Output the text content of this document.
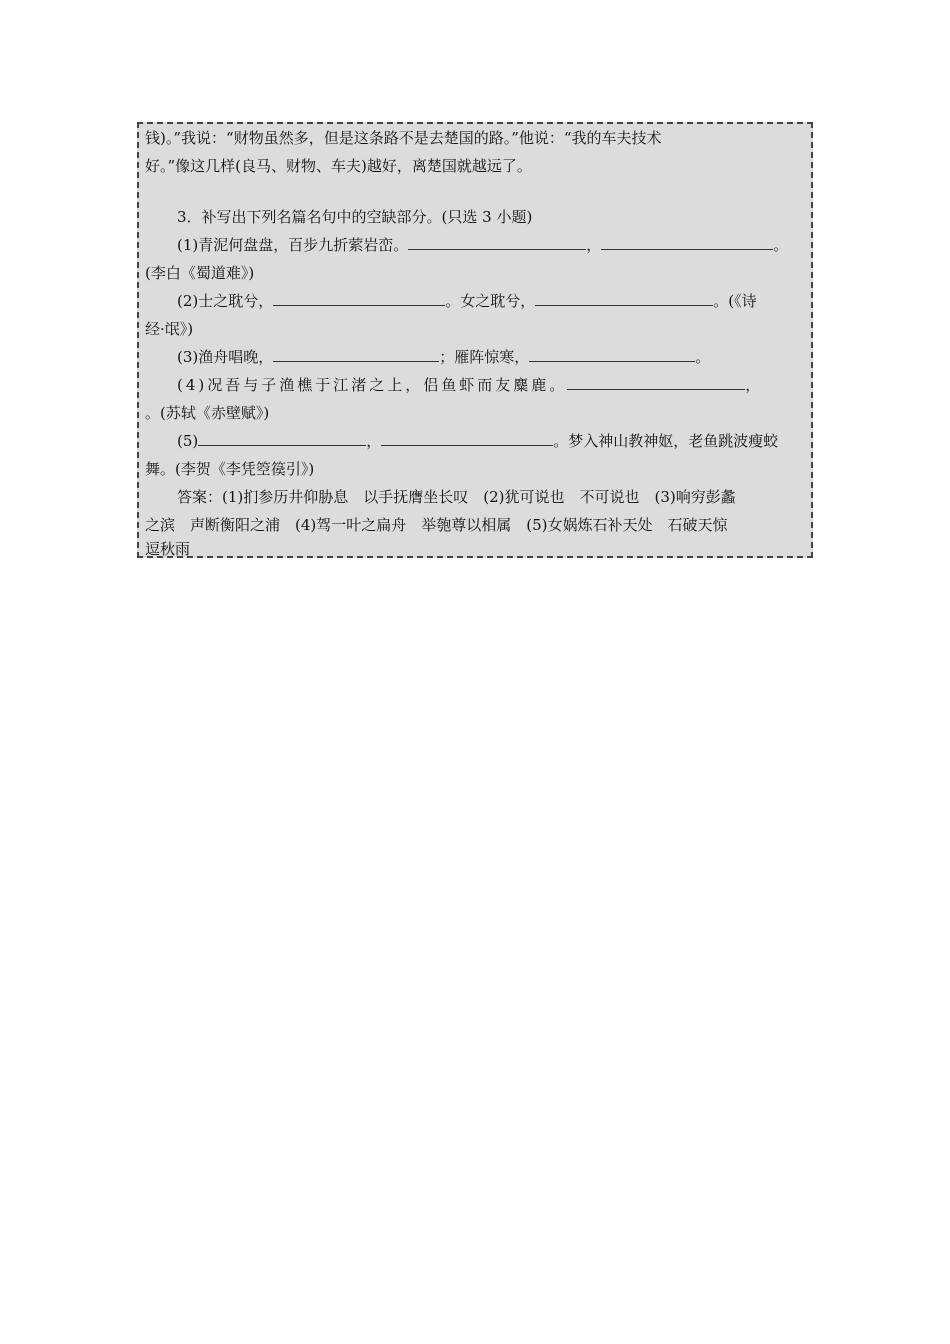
钱)。”我说：“财物虽然多，但是这条路不是去楚国的路。”他说：“我的车夫技术
好。”像这几样(良马、财物、车夫)越好，离楚国就越远了。
3．补写出下列名篇名句中的空缺部分。(只选 3 小题)
(1)青泥何盘盘，百步九折萦岩峦。	，	。
(李白《蜀道难》)
(2)士之耽兮，	。女之耽兮，	。(《诗
经·氓》)
(3)渔舟唱晚，	；雁阵惊寒，	。
(4)况吾与子渔樵于江渚之上，侣鱼虾而友麋鹿。	，
。(苏轼《赤壁赋》)
(5)	，	。梦入神山教神妪，老鱼跳波瘦蛟
舞。(李贺《李凭箜篌引》)
答案：(1)扪参历井仰胁息　以手抚膺坐长叹　(2)犹可说也　不可说也　(3)响穷彭蠡
之滨　声断衡阳之浦　(4)驾一叶之扁舟　举匏尊以相属　(5)女娲炼石补天处　石破天惊
逗秋雨
